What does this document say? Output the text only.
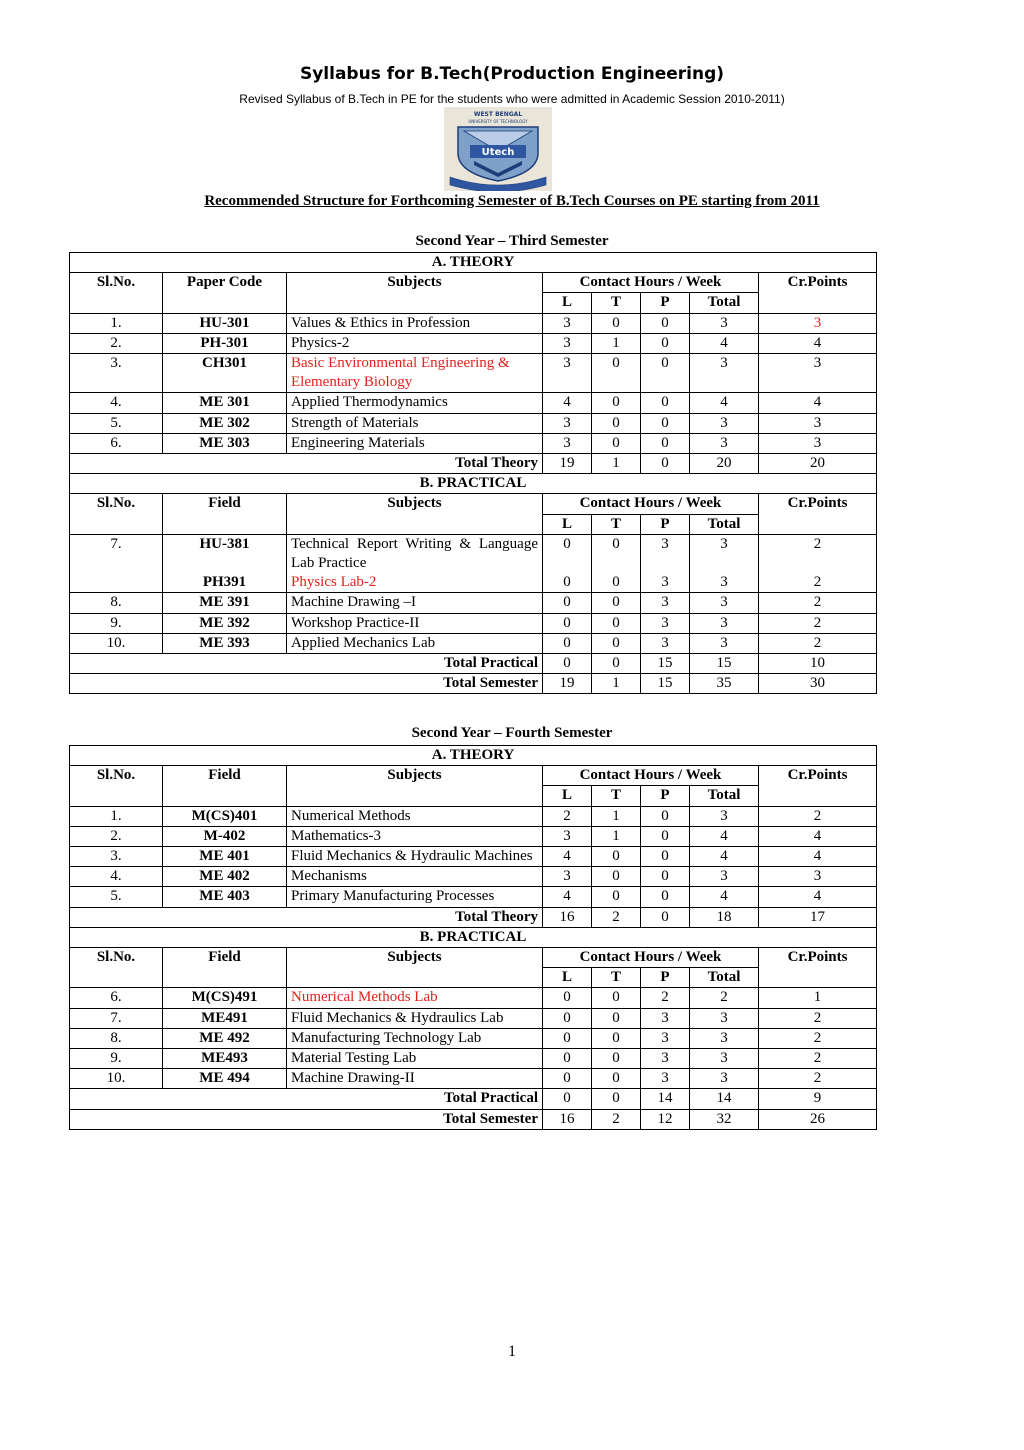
Syllabus for B.Tech(Production Engineering)
Revised Syllabus of B.Tech in PE for the students who were admitted in Academic Session 2010-2011)
WEST BENGAL
UNIVERSITY OF TECHNOLOGY
Utech
Recommended Structure for Forthcoming Semester of B.Tech Courses on PE starting from 2011
Second Year – Third Semester
A. THEORY							
Sl.No.	Paper Code	Subjects	Contact Hours / Week				Cr.Points
			L	T	P	Total	
1.	HU-301	Values & Ethics in Profession	3	0	0	3	3
2.	PH-301	Physics-2	3	1	0	4	4
3.	CH301	Basic Environmental Engineering & Elementary Biology	3	0	0	3	3
4.	ME 301	Applied Thermodynamics	4	0	0	4	4
5.	ME 302	Strength of Materials	3	0	0	3	3
6.	ME 303	Engineering Materials	3	0	0	3	3
Total Theory			19	1	0	20	20
B. PRACTICAL							
Sl.No.	Field	Subjects	Contact Hours / Week				Cr.Points
			L	T	P	Total	
7.	HU-381	Technical Report Writing & Language Lab Practice	0	0	3	3	2
	PH391	Physics Lab-2	0	0	3	3	2
8.	ME 391	Machine Drawing –I	0	0	3	3	2
9.	ME 392	Workshop Practice-II	0	0	3	3	2
10.	ME 393	Applied Mechanics Lab	0	0	3	3	2
Total Practical			0	0	15	15	10
Total Semester			19	1	15	35	30
Second Year – Fourth Semester
A. THEORY							
Sl.No.	Field	Subjects	Contact Hours / Week				Cr.Points
			L	T	P	Total	
1.	M(CS)401	Numerical Methods	2	1	0	3	2
2.	M-402	Mathematics-3	3	1	0	4	4
3.	ME 401	Fluid Mechanics & Hydraulic Machines	4	0	0	4	4
4.	ME 402	Mechanisms	3	0	0	3	3
5.	ME 403	Primary Manufacturing Processes	4	0	0	4	4
Total Theory			16	2	0	18	17
B. PRACTICAL							
Sl.No.	Field	Subjects	Contact Hours / Week				Cr.Points
			L	T	P	Total	
6.	M(CS)491	Numerical Methods Lab	0	0	2	2	1
7.	ME491	Fluid Mechanics & Hydraulics Lab	0	0	3	3	2
8.	ME 492	Manufacturing Technology Lab	0	0	3	3	2
9.	ME493	Material Testing Lab	0	0	3	3	2
10.	ME 494	Machine Drawing-II	0	0	3	3	2
Total Practical			0	0	14	14	9
Total Semester			16	2	12	32	26
1
